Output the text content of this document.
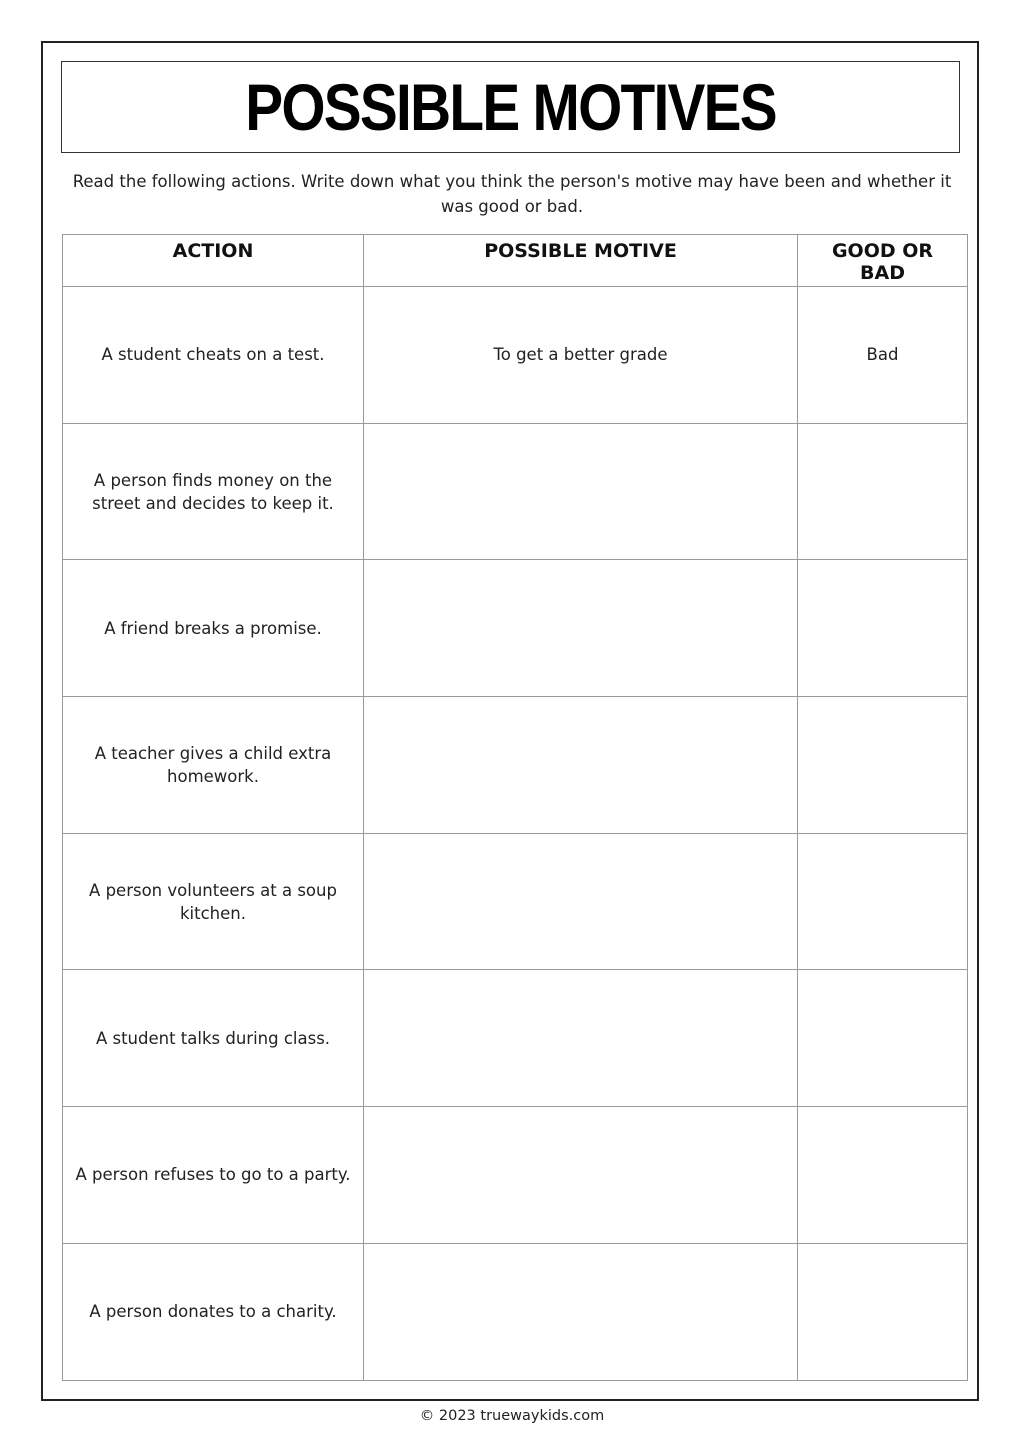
POSSIBLE MOTIVES
Read the following actions. Write down what you think the person's motive may have been and whether it was good or bad.
ACTION	POSSIBLE MOTIVE	GOOD OR BAD
A student cheats on a test.	To get a better grade	Bad
A person finds money on the street and decides to keep it.		
A friend breaks a promise.		
A teacher gives a child extra homework.		
A person volunteers at a soup kitchen.		
A student talks during class.		
A person refuses to go to a party.		
A person donates to a charity.		
© 2023 truewaykids.com
